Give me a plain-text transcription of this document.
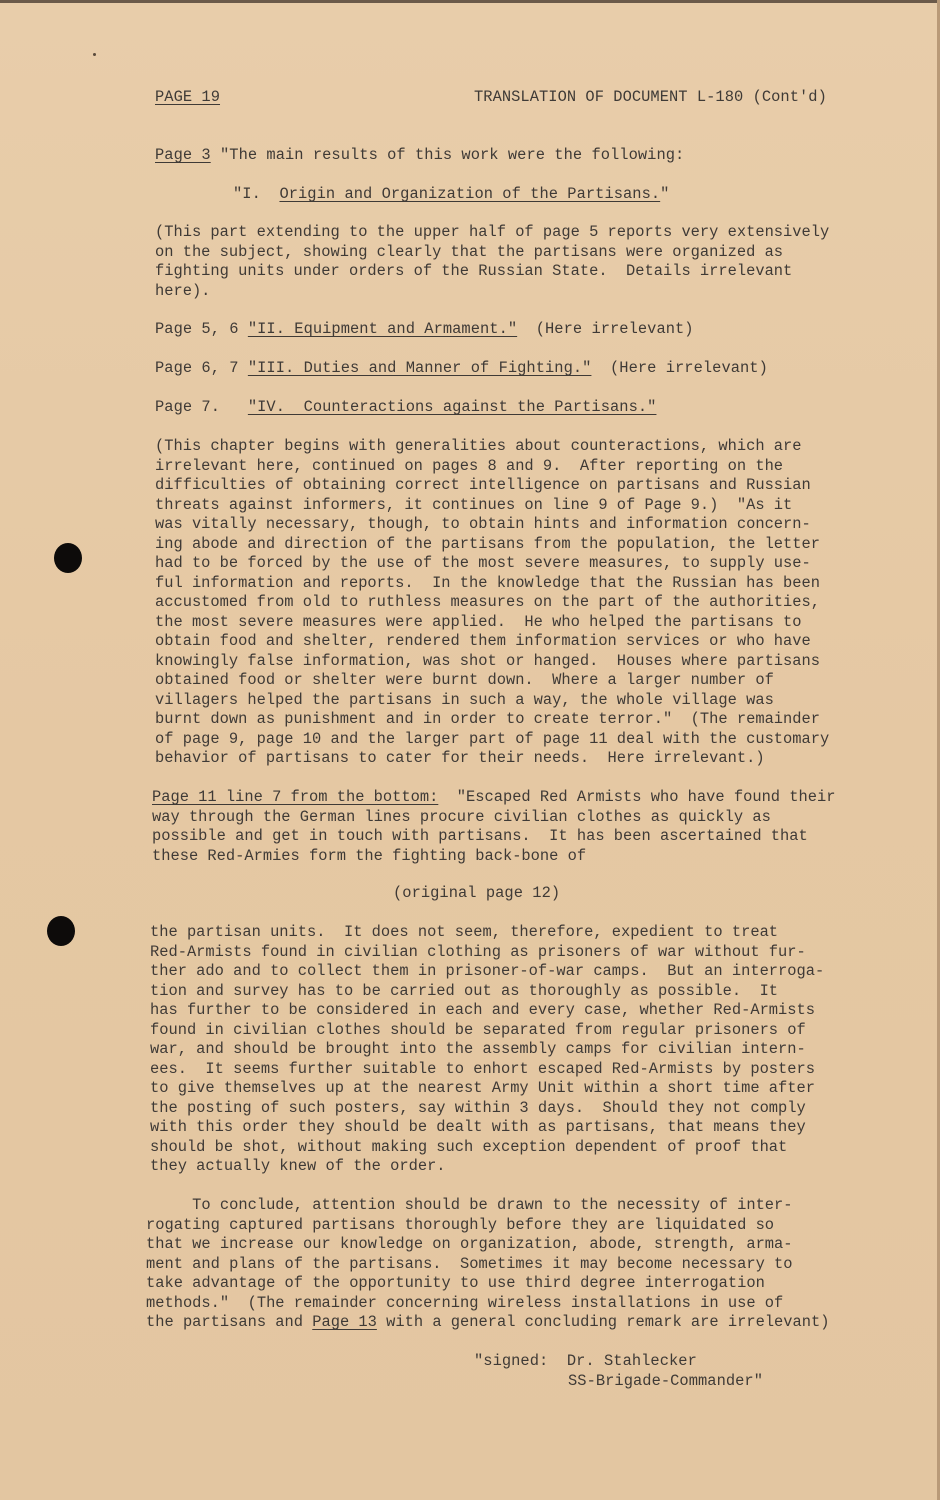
PAGE 19	TRANSLATION OF DOCUMENT L-180 (Cont'd)
Page 3 "The main results of this work were the following:
"I.  Origin and Organization of the Partisans."
(This part extending to the upper half of page 5 reports very extensively
on the subject, showing clearly that the partisans were organized as
fighting units under orders of the Russian State.  Details irrelevant
here).
Page 5, 6 "II. Equipment and Armament."  (Here irrelevant)
Page 6, 7 "III. Duties and Manner of Fighting."  (Here irrelevant)
Page 7.   "IV.  Counteractions against the Partisans."
(This chapter begins with generalities about counteractions, which are
irrelevant here, continued on pages 8 and 9.  After reporting on the
difficulties of obtaining correct intelligence on partisans and Russian
threats against informers, it continues on line 9 of Page 9.)  "As it
was vitally necessary, though, to obtain hints and information concern-
ing abode and direction of the partisans from the population, the letter
had to be forced by the use of the most severe measures, to supply use-
ful information and reports.  In the knowledge that the Russian has been
accustomed from old to ruthless measures on the part of the authorities,
the most severe measures were applied.  He who helped the partisans to
obtain food and shelter, rendered them information services or who have
knowingly false information, was shot or hanged.  Houses where partisans
obtained food or shelter were burnt down.  Where a larger number of
villagers helped the partisans in such a way, the whole village was
burnt down as punishment and in order to create terror."  (The remainder
of page 9, page 10 and the larger part of page 11 deal with the customary
behavior of partisans to cater for their needs.  Here irrelevant.)
Page 11 line 7 from the bottom:  "Escaped Red Armists who have found their
way through the German lines procure civilian clothes as quickly as
possible and get in touch with partisans.  It has been ascertained that
these Red-Armies form the fighting back-bone of
(original page 12)
the partisan units.  It does not seem, therefore, expedient to treat
Red-Armists found in civilian clothing as prisoners of war without fur-
ther ado and to collect them in prisoner-of-war camps.  But an interroga-
tion and survey has to be carried out as thoroughly as possible.  It
has further to be considered in each and every case, whether Red-Armists
found in civilian clothes should be separated from regular prisoners of
war, and should be brought into the assembly camps for civilian intern-
ees.  It seems further suitable to enhort escaped Red-Armists by posters
to give themselves up at the nearest Army Unit within a short time after
the posting of such posters, say within 3 days.  Should they not comply
with this order they should be dealt with as partisans, that means they
should be shot, without making such exception dependent of proof that
they actually knew of the order.
To conclude, attention should be drawn to the necessity of inter-
rogating captured partisans thoroughly before they are liquidated so
that we increase our knowledge on organization, abode, strength, arma-
ment and plans of the partisans.  Sometimes it may become necessary to
take advantage of the opportunity to use third degree interrogation
methods."  (The remainder concerning wireless installations in use of
the partisans and Page 13 with a general concluding remark are irrelevant)
"signed:  Dr. Stahlecker
SS-Brigade-Commander"
